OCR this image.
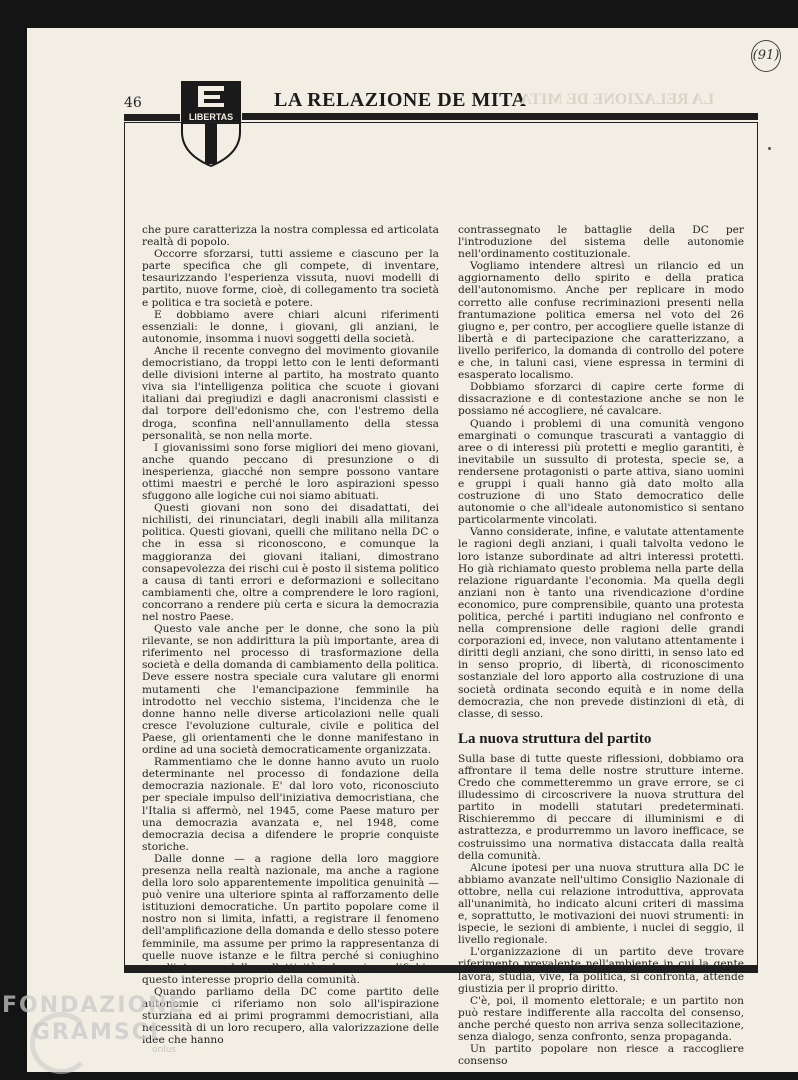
(91)
46
LIBERTAS
LA RELAZIONE DE MITA
LA RELAZIONE DE MITA

che pure caratterizza la nostra complessa ed articolata realtà di popolo.

Occorre sforzarsi, tutti assieme e ciascuno per la parte specifica che gli compete, di inventare, tesaurizzando l'esperienza vissuta, nuovi modelli di partito, nuove forme, cioè, di collegamento tra società e politica e tra società e potere.

E dobbiamo avere chiari alcuni riferimenti essenziali: le donne, i giovani, gli anziani, le autonomie, insomma i nuovi soggetti della società.

Anche il recente convegno del movimento giovanile democristiano, da troppi letto con le lenti deformanti delle divisioni interne al partito, ha mostrato quanto viva sia l'intelligenza politica che scuote i giovani italiani dai pregiudizi e dagli anacronismi classisti e dal torpore dell'edonismo che, con l'estremo della droga, sconfina nell'annullamento della stessa personalità, se non nella morte.

I giovanissimi sono forse migliori dei meno giovani, anche quando peccano di presunzione o di inesperienza, giacché non sempre possono vantare ottimi maestri e perché le loro aspirazioni spesso sfuggono alle logiche cui noi siamo abituati.

Questi giovani non sono dei disadattati, dei nichilisti, dei rinunciatari, degli inabili alla militanza politica. Questi giovani, quelli che militano nella DC o che in essa si riconoscono, e comunque la maggioranza dei giovani italiani, dimostrano consapevolezza dei rischi cui è posto il sistema politico a causa di tanti errori e deformazioni e sollecitano cambiamenti che, oltre a comprendere le loro ragioni, concorrano a rendere più certa e sicura la democrazia nel nostro Paese.

Questo vale anche per le donne, che sono la più rilevante, se non addirittura la più importante, area di riferimento nel processo di trasformazione della società e della domanda di cambiamento della politica. Deve essere nostra speciale cura valutare gli enormi mutamenti che l'emancipazione femminile ha introdotto nel vecchio sistema, l'incidenza che le donne hanno nelle diverse articolazioni nelle quali cresce l'evoluzione culturale, civile e politica del Paese, gli orientamenti che le donne manifestano in ordine ad una società democraticamente organizzata.

Rammentiamo che le donne hanno avuto un ruolo determinante nel processo di fondazione della democrazia nazionale. E' dal loro voto, riconosciuto per speciale impulso dell'iniziativa democristiana, che l'Italia si affermò, nel 1945, come Paese maturo per una democrazia avanzata e, nel 1948, come democrazia decisa a difendere le proprie conquiste storiche.

Dalle donne — a ragione della loro maggiore presenza nella realtà nazionale, ma anche a ragione della loro solo apparentemente impolitica genuinità — può venire una ulteriore spinta al rafforzamento delle istituzioni democratiche. Un partito popolare come il nostro non si limita, infatti, a registrare il fenomeno dell'amplificazione della domanda e dello stesso potere femminile, ma assume per primo la rappresentanza di quelle nuove istanze e le filtra perché si coniughino con l'interesse della collettività ed, anzi, qualifichino questo interesse proprio della comunità.

Quando parliamo della DC come partito delle autonomie ci riferiamo non solo all'ispirazione sturziana ed ai primi programmi democristiani, alla necessità di un loro recupero, alla valorizzazione delle idee che hanno

contrassegnato le battaglie della DC per l'introduzione del sistema delle autonomie nell'ordinamento costituzionale.

Vogliamo intendere altresì un rilancio ed un aggiornamento dello spirito e della pratica dell'autonomismo. Anche per replicare in modo corretto alle confuse recriminazioni presenti nella frantumazione politica emersa nel voto del 26 giugno e, per contro, per accogliere quelle istanze di libertà e di partecipazione che caratterizzano, a livello periferico, la domanda di controllo del potere e che, in taluni casi, viene espressa in termini di esasperato localismo.

Dobbiamo sforzarci di capire certe forme di dissacrazione e di contestazione anche se non le possiamo né accogliere, né cavalcare.

Quando i problemi di una comunità vengono emarginati o comunque trascurati a vantaggio di aree o di interessi più protetti e meglio garantiti, è inevitabile un sussulto di protesta, specie se, a rendersene protagonisti o parte attiva, siano uomini e gruppi i quali hanno già dato molto alla costruzione di uno Stato democratico delle autonomie o che all'ideale autonomistico si sentano particolarmente vincolati.

Vanno considerate, infine, e valutate attentamente le ragioni degli anziani, i quali talvolta vedono le loro istanze subordinate ad altri interessi protetti. Ho già richiamato questo problema nella parte della relazione riguardante l'economia. Ma quella degli anziani non è tanto una rivendicazione d'ordine economico, pure comprensibile, quanto una protesta politica, perché i partiti indugiano nel confronto e nella comprensione delle ragioni delle grandi corporazioni ed, invece, non valutano attentamente i diritti degli anziani, che sono diritti, in senso lato ed in senso proprio, di libertà, di riconoscimento sostanziale del loro apporto alla costruzione di una società ordinata secondo equità e in nome della democrazia, che non prevede distinzioni di età, di classe, di sesso.

La nuova struttura del partito

Sulla base di tutte queste riflessioni, dobbiamo ora affrontare il tema delle nostre strutture interne. Credo che commetteremmo un grave errore, se ci illudessimo di circoscrivere la nuova struttura del partito in modelli statutari predeterminati. Rischieremmo di peccare di illuminismi e di astrattezza, e produrremmo un lavoro inefficace, se costruissimo una normativa distaccata dalla realtà della comunità.

Alcune ipotesi per una nuova struttura alla DC le abbiamo avanzate nell'ultimo Consiglio Nazionale di ottobre, nella cui relazione introduttiva, approvata all'unanimità, ho indicato alcuni criteri di massima e, soprattutto, le motivazioni dei nuovi strumenti: in ispecie, le sezioni di ambiente, i nuclei di seggio, il livello regionale.

L'organizzazione di un partito deve trovare riferimento prevalente nell'ambiente in cui la gente lavora, studia, vive, fa politica, si confronta, attende giustizia per il proprio diritto.

C'è, poi, il momento elettorale; e un partito non può restare indifferente alla raccolta del consenso, anche perché questo non arriva senza sollecitazione, senza dialogo, senza confronto, senza propaganda.

Un partito popolare non riesce a raccogliere consenso

FONDAZIONE
GRAMSCI
onlus
